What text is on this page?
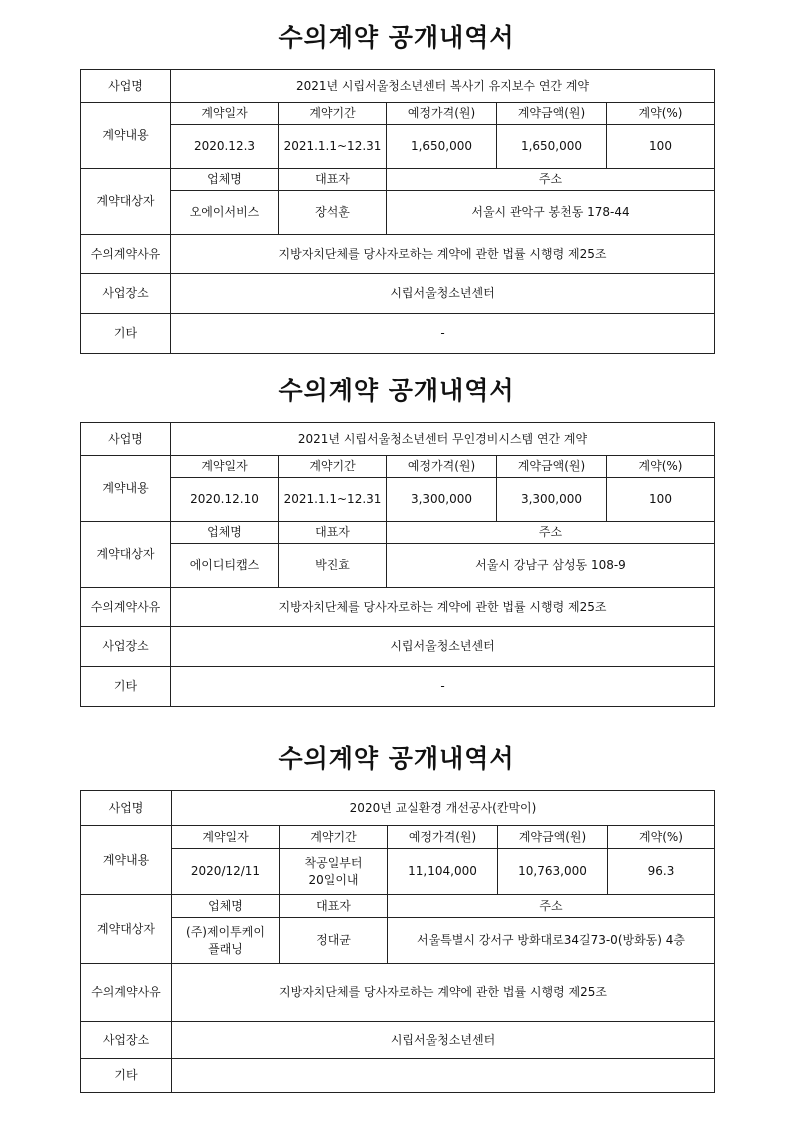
수의계약 공개내역서
사업명	2021년 시립서울청소년센터 복사기 유지보수 연간 계약				
계약내용	계약일자	계약기간	예정가격(원)	계약금액(원)	계약(%)
	2020.12.3	2021.1.1~12.31	1,650,000	1,650,000	100
계약대상자	업체명	대표자	주소		
	오에이서비스	장석훈	서울시 관악구 봉천동 178-44		
수의계약사유	지방자치단체를 당사자로하는 계약에 관한 법률 시행령 제25조				
사업장소	시립서울청소년센터				
기타	-				
수의계약 공개내역서
사업명	2021년 시립서울청소년센터 무인경비시스템 연간 계약				
계약내용	계약일자	계약기간	예정가격(원)	계약금액(원)	계약(%)
	2020.12.10	2021.1.1~12.31	3,300,000	3,300,000	100
계약대상자	업체명	대표자	주소		
	에이디티캡스	박진효	서울시 강남구 삼성동 108-9		
수의계약사유	지방자치단체를 당사자로하는 계약에 관한 법률 시행령 제25조				
사업장소	시립서울청소년센터				
기타	-				
수의계약 공개내역서
사업명	2020년 교실환경 개선공사(칸막이)				
계약내용	계약일자	계약기간	예정가격(원)	계약금액(원)	계약(%)
	2020/12/11	착공일부터
20일이내	11,104,000	10,763,000	96.3
계약대상자	업체명	대표자	주소		

	(주)제이투케이
플래닝	정대균	서울특별시 강서구 방화대로34길73-0(방화동) 4층		
수의계약사유	지방자치단체를 당사자로하는 계약에 관한 법률 시행령 제25조				
사업장소	시립서울청소년센터				
기타					
